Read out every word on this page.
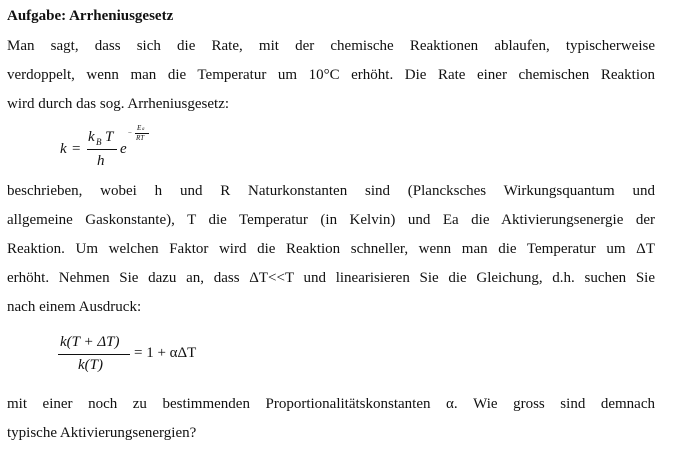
Aufgabe: Arrheniusgesetz
Man sagt, dass sich die Rate, mit der chemische Reaktionen ablaufen, typischerweise
verdoppelt, wenn man die Temperatur um 10°C erhöht. Die Rate einer chemischen Reaktion
wird durch das sog. Arrheniusgesetz:
k =
k B T
h
e
−
E a
RT
beschrieben, wobei h und R Naturkonstanten sind (Plancksches Wirkungsquantum und
allgemeine Gaskonstante), T die Temperatur (in Kelvin) und Ea die Aktivierungsenergie der
Reaktion. Um welchen Faktor wird die Reaktion schneller, wenn man die Temperatur um ΔT
erhöht. Nehmen Sie dazu an, dass ΔT<<T und linearisieren Sie die Gleichung, d.h. suchen Sie
nach einem Ausdruck:
k(T + ΔT)
k(T)
= 1 + αΔT
mit einer noch zu bestimmenden Proportionalitätskonstanten α. Wie gross sind demnach
typische Aktivierungsenergien?
